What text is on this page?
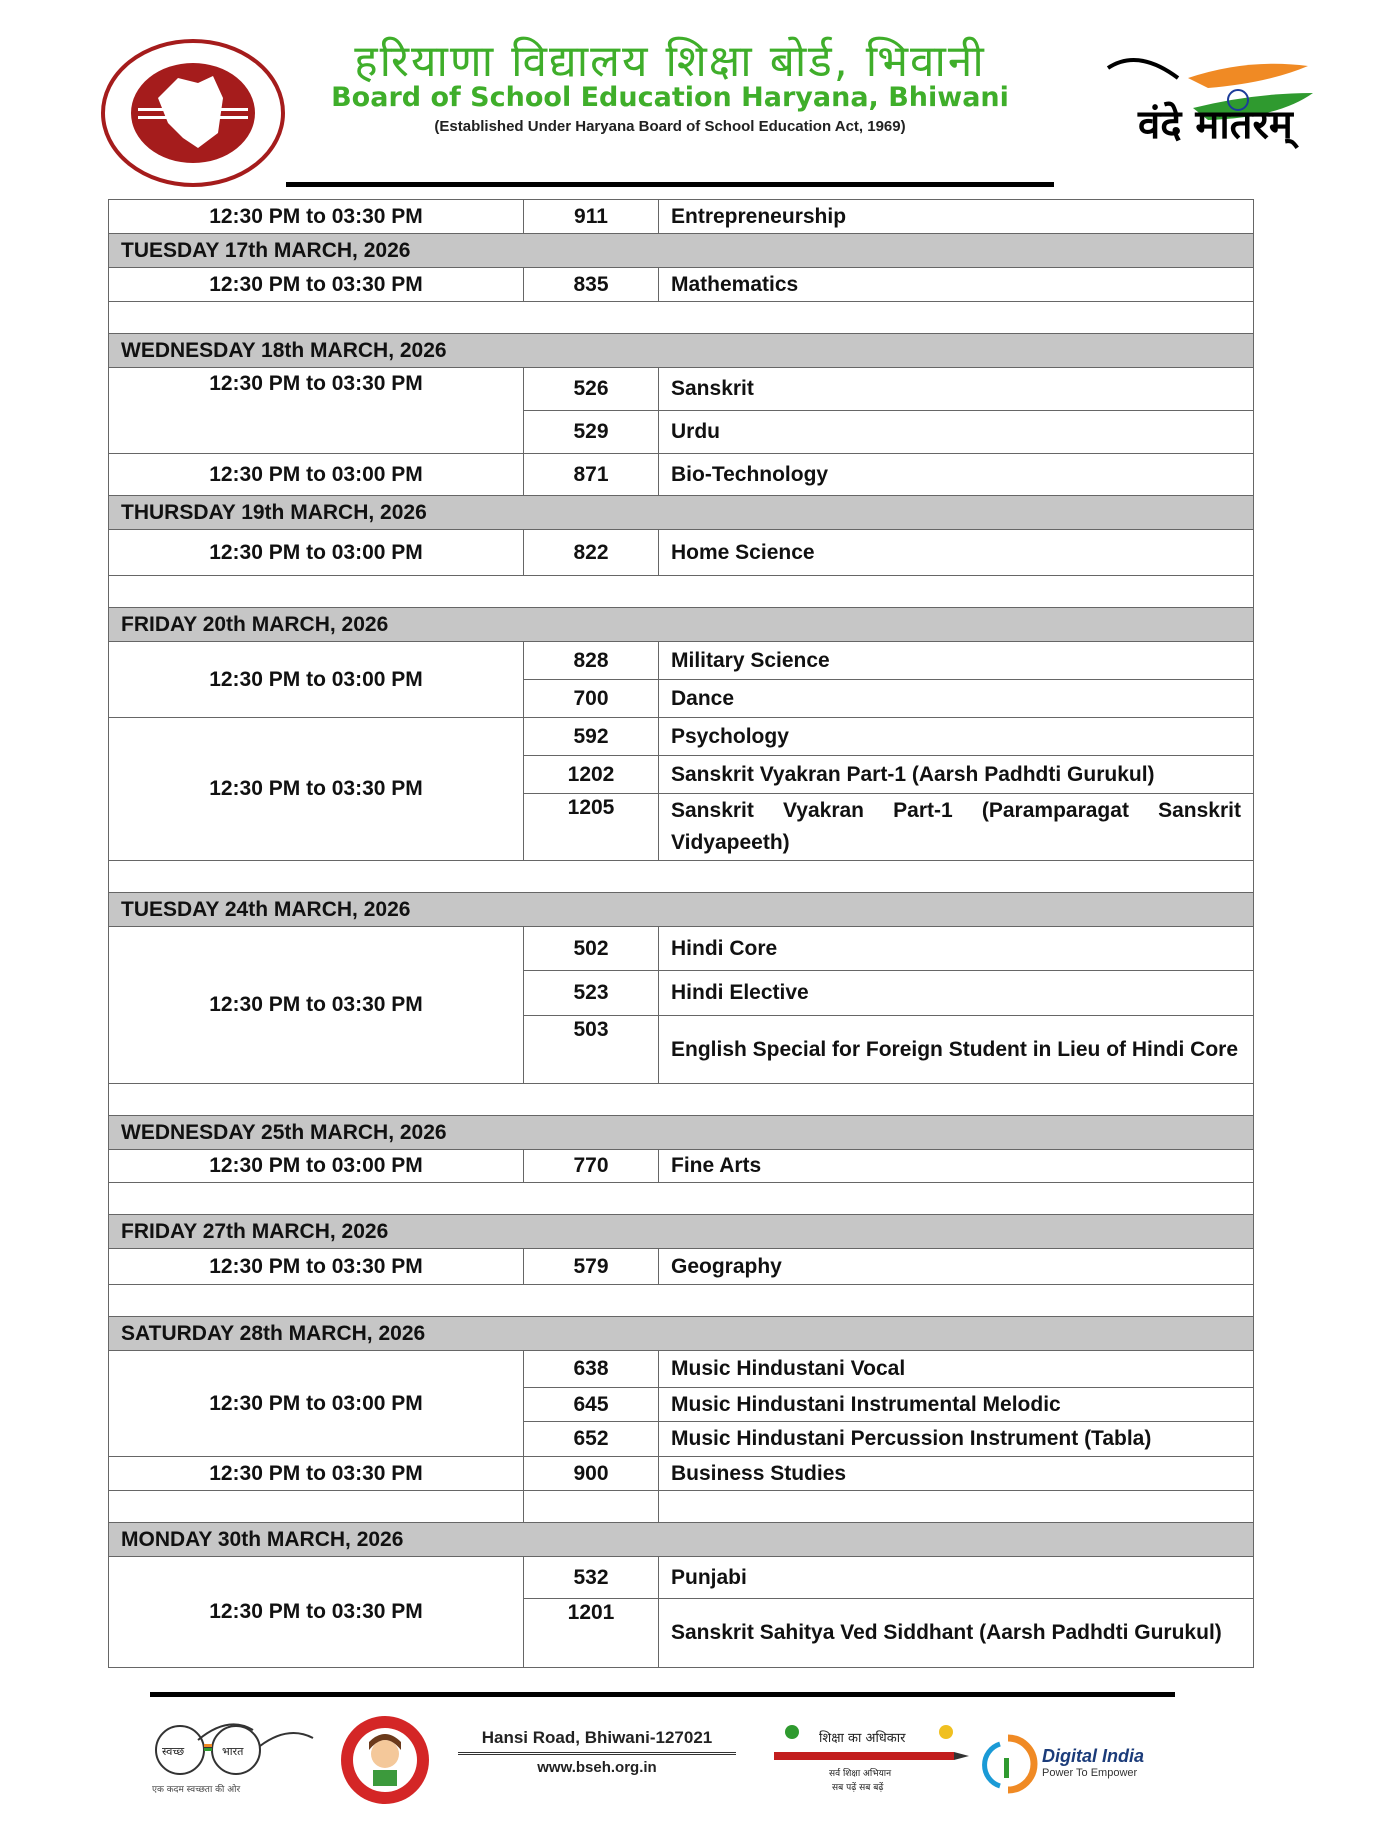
हरियाणा विद्यालय शिक्षा बोर्ड, भिवानी
Board of School Education Haryana, Bhiwani
(Established Under Haryana Board of School Education Act, 1969)	वंदे मातरम्
12:30 PM to 03:30 PM	911	Entrepreneurship
TUESDAY 17th MARCH, 2026		
12:30 PM to 03:30 PM	835	Mathematics

WEDNESDAY 18th MARCH, 2026		
12:30 PM to 03:30 PM	526	Sanskrit
	529	Urdu
12:30 PM to 03:00 PM	871	Bio-Technology
THURSDAY 19th MARCH, 2026		
12:30 PM to 03:00 PM	822	Home Science

FRIDAY 20th MARCH, 2026		
12:30 PM to 03:00 PM	828	Military Science
	700	Dance
12:30 PM to 03:30 PM	592	Psychology
	1202	Sanskrit Vyakran Part-1 (Aarsh Padhdti Gurukul)
	1205	Sanskrit Vyakran Part-1 (Paramparagat Sanskrit Vidyapeeth)

TUESDAY 24th MARCH, 2026		
12:30 PM to 03:30 PM	502	Hindi Core
	523	Hindi Elective
	503	English Special for Foreign Student in Lieu of Hindi Core

WEDNESDAY 25th MARCH, 2026		
12:30 PM to 03:00 PM	770	Fine Arts

FRIDAY 27th MARCH, 2026		
12:30 PM to 03:30 PM	579	Geography

SATURDAY 28th MARCH, 2026		
12:30 PM to 03:00 PM	638	Music Hindustani Vocal
	645	Music Hindustani Instrumental Melodic
	652	Music Hindustani Percussion Instrument (Tabla)
12:30 PM to 03:30 PM	900	Business Studies

MONDAY 30th MARCH, 2026		
12:30 PM to 03:30 PM	532	Punjabi
	1201	Sanskrit Sahitya Ved Siddhant (Aarsh Padhdti Gurukul)
स्वच्छ	भारत
एक कदम स्वच्छता की ओर
Hansi Road, Bhiwani-127021
www.bseh.org.in
शिक्षा का अधिकार
सर्व शिक्षा अभियान
सब पढ़ें सब बढ़ें
Digital India
Power To Empower
